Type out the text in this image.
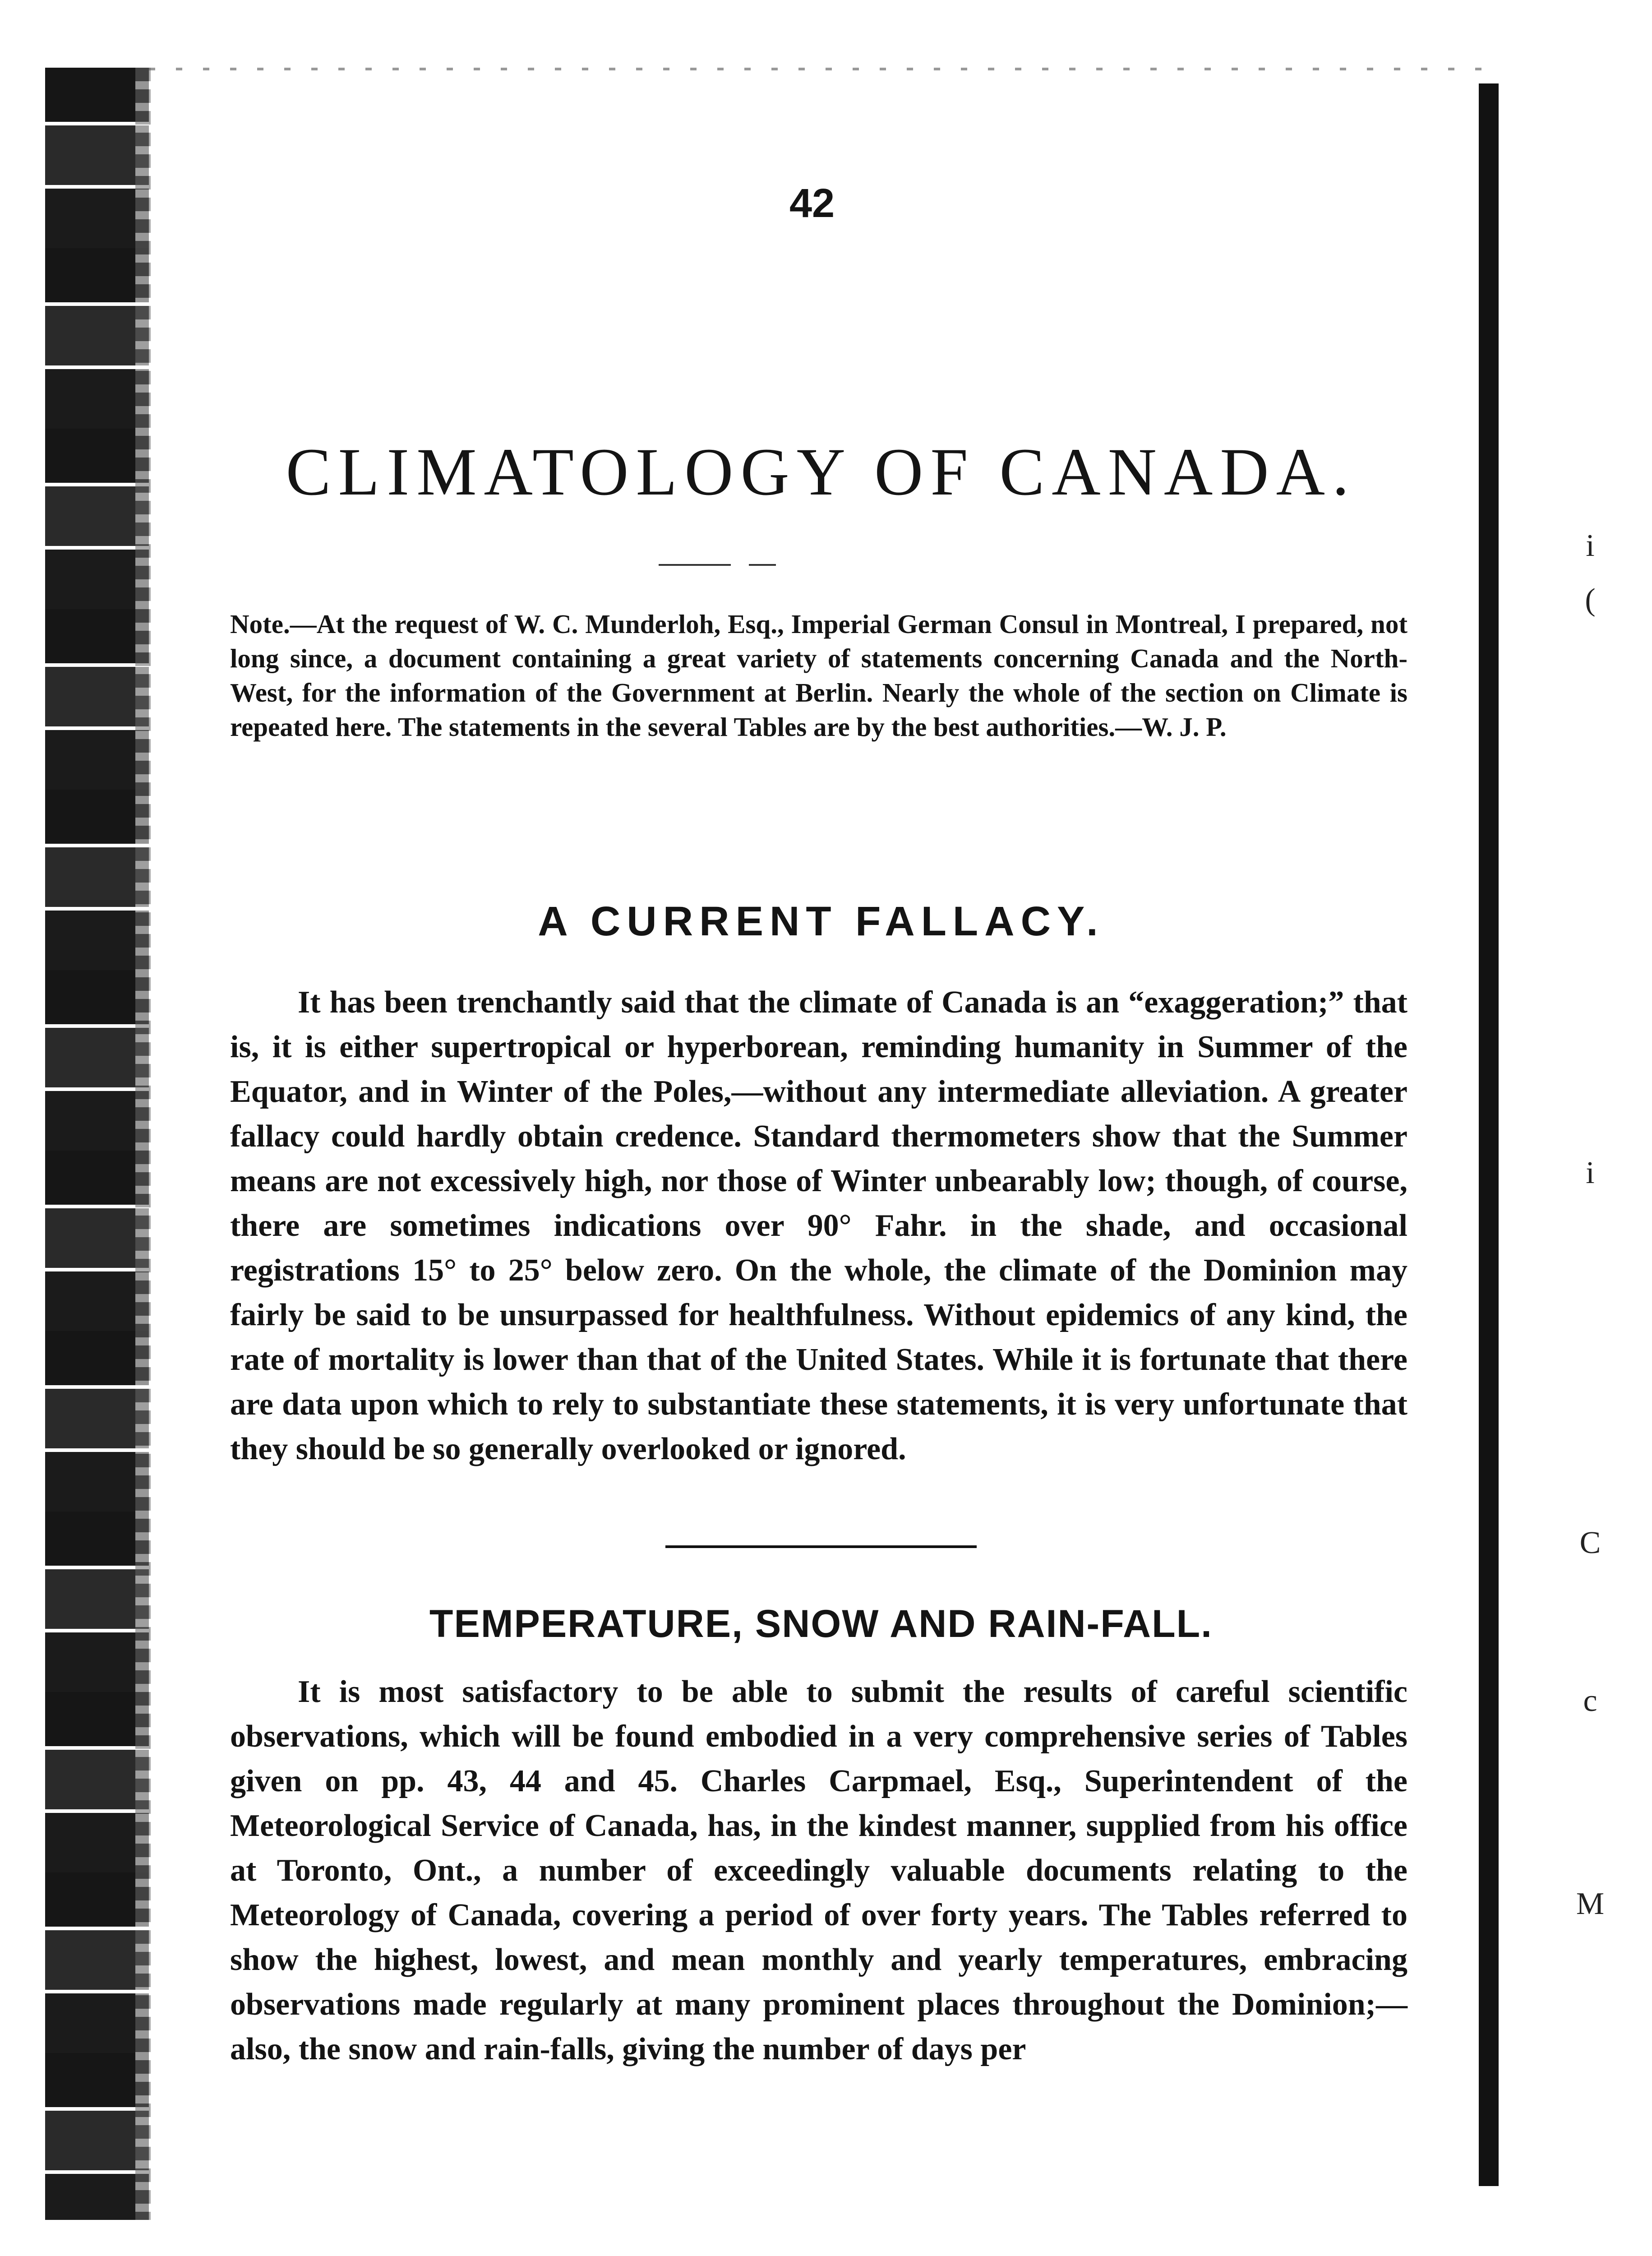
i
(
i
C
c
M
42
CLIMATOLOGY OF CANADA.

Note.—At the request of W. C. Munderloh, Esq., Imperial German Consul in Montreal, I prepared, not long since, a document containing a great variety of statements concerning Canada and the North-West, for the information of the Government at Berlin. Nearly the whole of the section on Climate is repeated here. The statements in the several Tables are by the best authorities.—W. J. P.

A CURRENT FALLACY.

It has been trenchantly said that the climate of Canada is an “exaggeration;” that is, it is either supertropical or hyperborean, reminding humanity in Summer of the Equator, and in Winter of the Poles,—without any intermediate alleviation. A greater fallacy could hardly obtain credence. Standard thermometers show that the Summer means are not excessively high, nor those of Winter unbearably low; though, of course, there are sometimes indications over 90° Fahr. in the shade, and occasional registrations 15° to 25° below zero. On the whole, the climate of the Dominion may fairly be said to be unsurpassed for healthfulness. Without epidemics of any kind, the rate of mortality is lower than that of the United States. While it is fortunate that there are data upon which to rely to substantiate these statements, it is very unfortunate that they should be so generally overlooked or ignored.

TEMPERATURE, SNOW AND RAIN-FALL.

It is most satisfactory to be able to submit the results of careful scientific observations, which will be found embodied in a very comprehensive series of Tables given on pp. 43, 44 and 45. Charles Carpmael, Esq., Superintendent of the Meteorological Service of Canada, has, in the kindest manner, supplied from his office at Toronto, Ont., a number of exceedingly valuable documents relating to the Meteorology of Canada, covering a period of over forty years. The Tables referred to show the highest, lowest, and mean monthly and yearly temperatures, embracing observations made regularly at many prominent places throughout the Dominion;—also, the snow and rain-falls, giving the number of days per
